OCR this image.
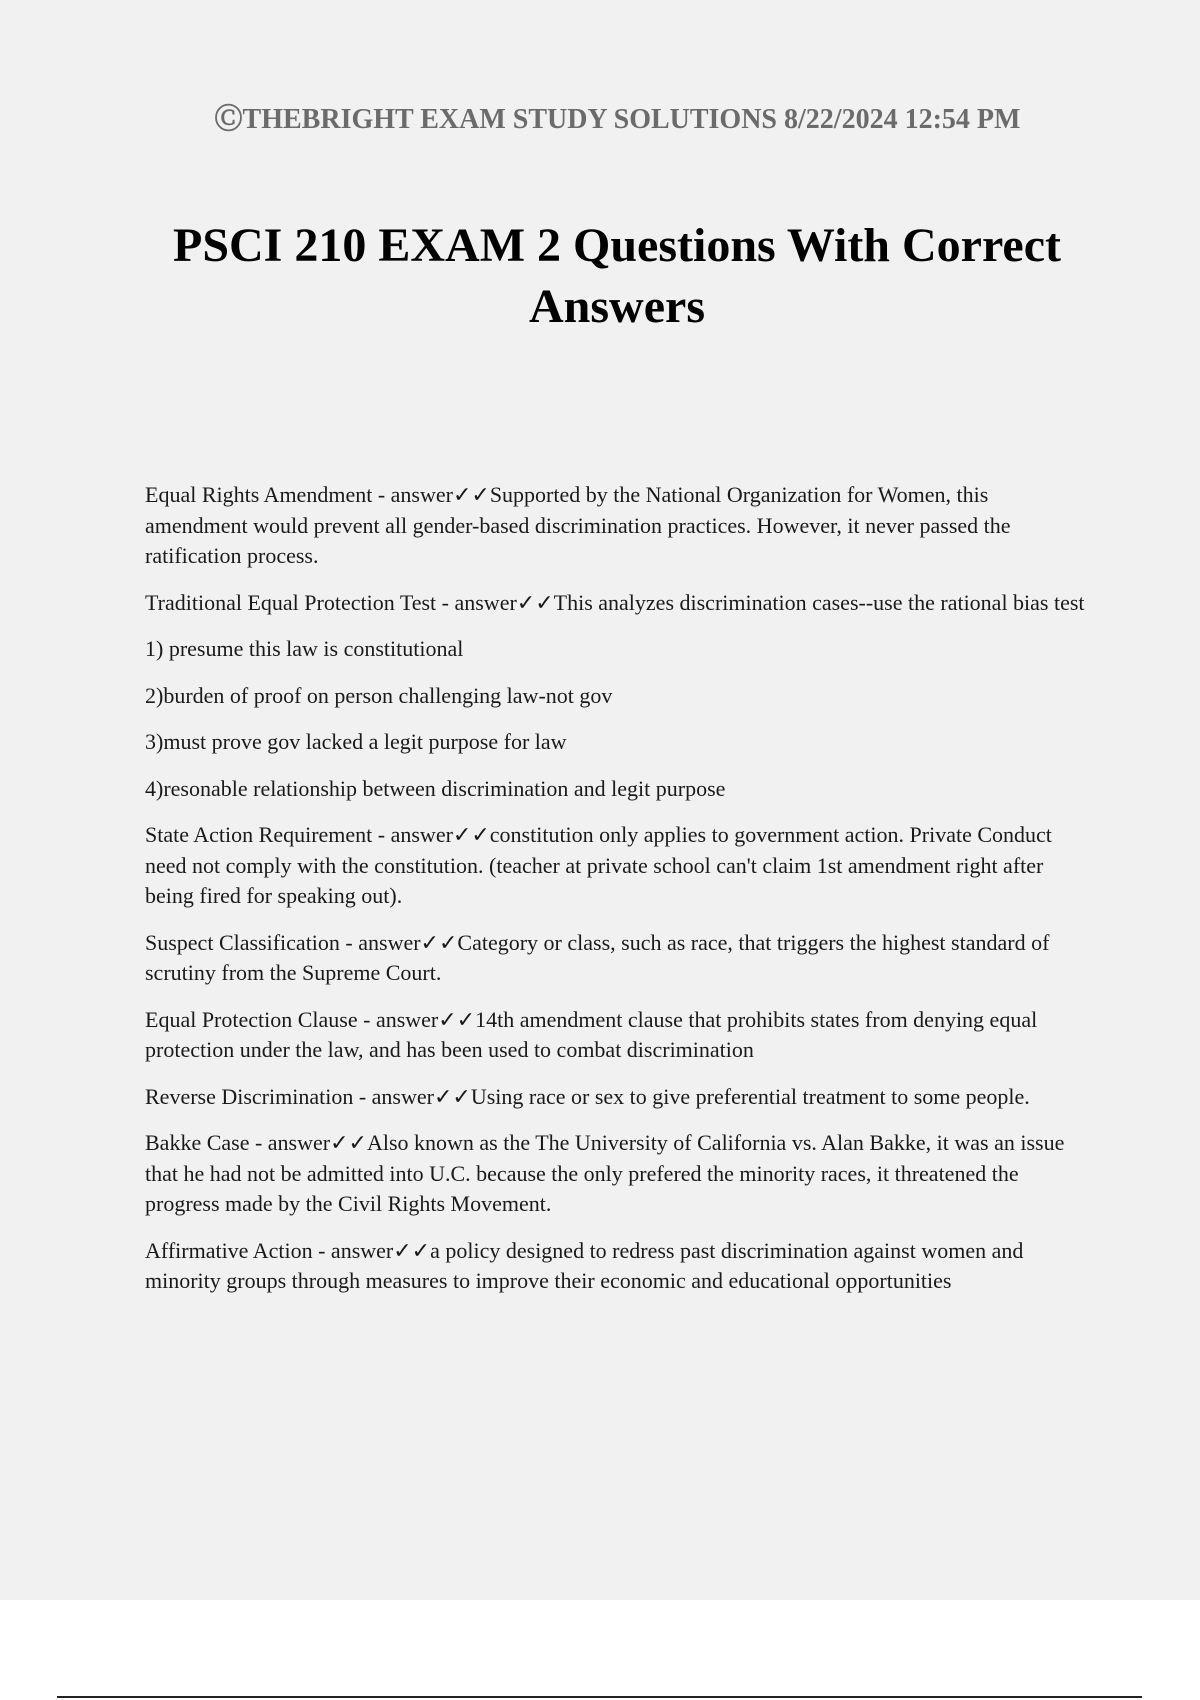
ⒸTHEBRIGHT EXAM STUDY SOLUTIONS 8/22/2024 12:54 PM
PSCI 210 EXAM 2 Questions With Correct Answers

Equal Rights Amendment - answer✓✓Supported by the National Organization for Women, this amendment would prevent all gender-based discrimination practices. However, it never passed the ratification process.

Traditional Equal Protection Test - answer✓✓This analyzes discrimination cases--use the rational bias test

1) presume this law is constitutional

2)burden of proof on person challenging law-not gov

3)must prove gov lacked a legit purpose for law

4)resonable relationship between discrimination and legit purpose

State Action Requirement - answer✓✓constitution only applies to government action. Private Conduct need not comply with the constitution. (teacher at private school can't claim 1st amendment right after being fired for speaking out).

Suspect Classification - answer✓✓Category or class, such as race, that triggers the highest standard of scrutiny from the Supreme Court.

Equal Protection Clause - answer✓✓14th amendment clause that prohibits states from denying equal protection under the law, and has been used to combat discrimination

Reverse Discrimination - answer✓✓Using race or sex to give preferential treatment to some people.

Bakke Case - answer✓✓Also known as the The University of California vs. Alan Bakke, it was an issue that he had not be admitted into U.C. because the only prefered the minority races, it threatened the progress made by the Civil Rights Movement.

Affirmative Action - answer✓✓a policy designed to redress past discrimination against women and minority groups through measures to improve their economic and educational opportunities
